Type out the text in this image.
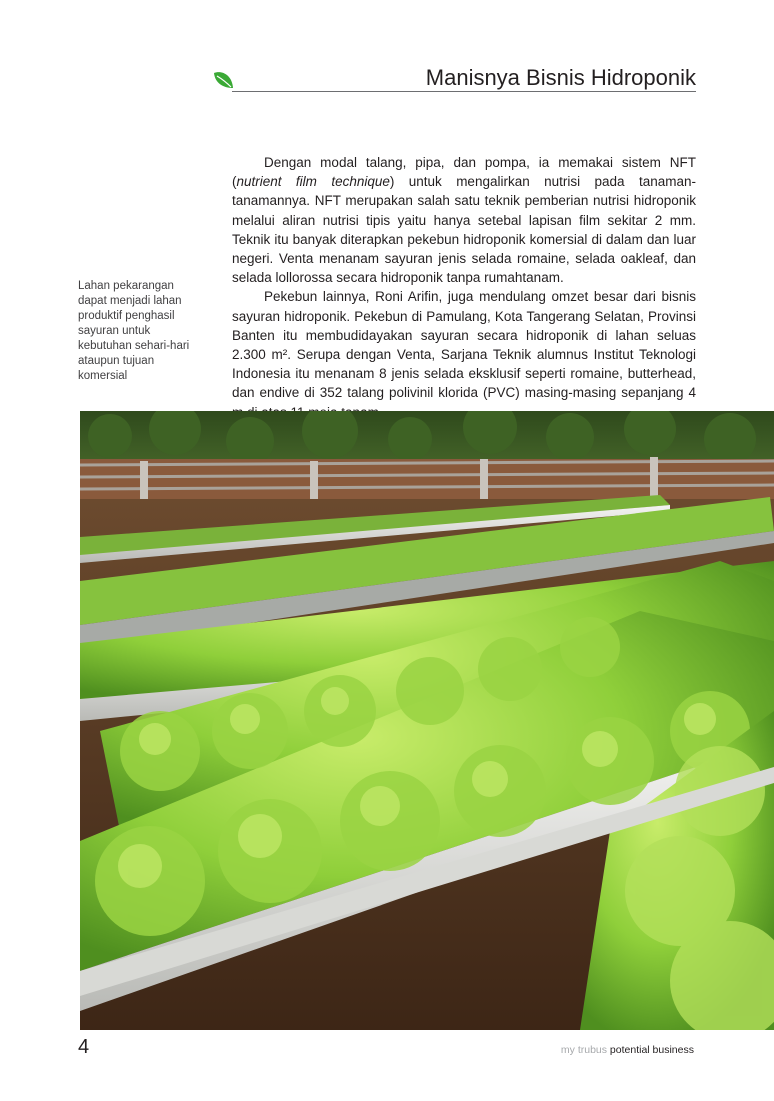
Manisnya Bisnis Hidroponik

Dengan modal talang, pipa, dan pompa, ia memakai sistem NFT (nutrient film technique) untuk mengalirkan nutrisi pada tanaman-tanamannya. NFT merupakan salah satu teknik pemberian nutrisi hidroponik melalui aliran nutrisi tipis yaitu hanya setebal lapisan film sekitar 2 mm. Teknik itu banyak diterapkan pekebun hidroponik komersial di dalam dan luar negeri. Venta menanam sayuran jenis selada romaine, selada oakleaf, dan selada lollorossa secara hidroponik tanpa rumahtanam.

Pekebun lainnya, Roni Arifin, juga mendulang omzet besar dari bisnis sayuran hidroponik. Pekebun di Pamulang, Kota Tangerang Selatan, Provinsi Banten itu membudidayakan sayuran secara hidroponik di lahan seluas 2.300 m². Serupa dengan Venta, Sarjana Teknik alumnus Institut Teknologi Indonesia itu menanam 8 jenis selada eksklusif seperti romaine, butterhead, dan endive di 352 talang polivinil klorida (PVC) masing-masing sepanjang 4

Lahan pekarangan dapat menjadi lahan produktif penghasil sayuran untuk kebutuhan sehari-hari ataupun tujuan komersial
4	my trubus potential business
